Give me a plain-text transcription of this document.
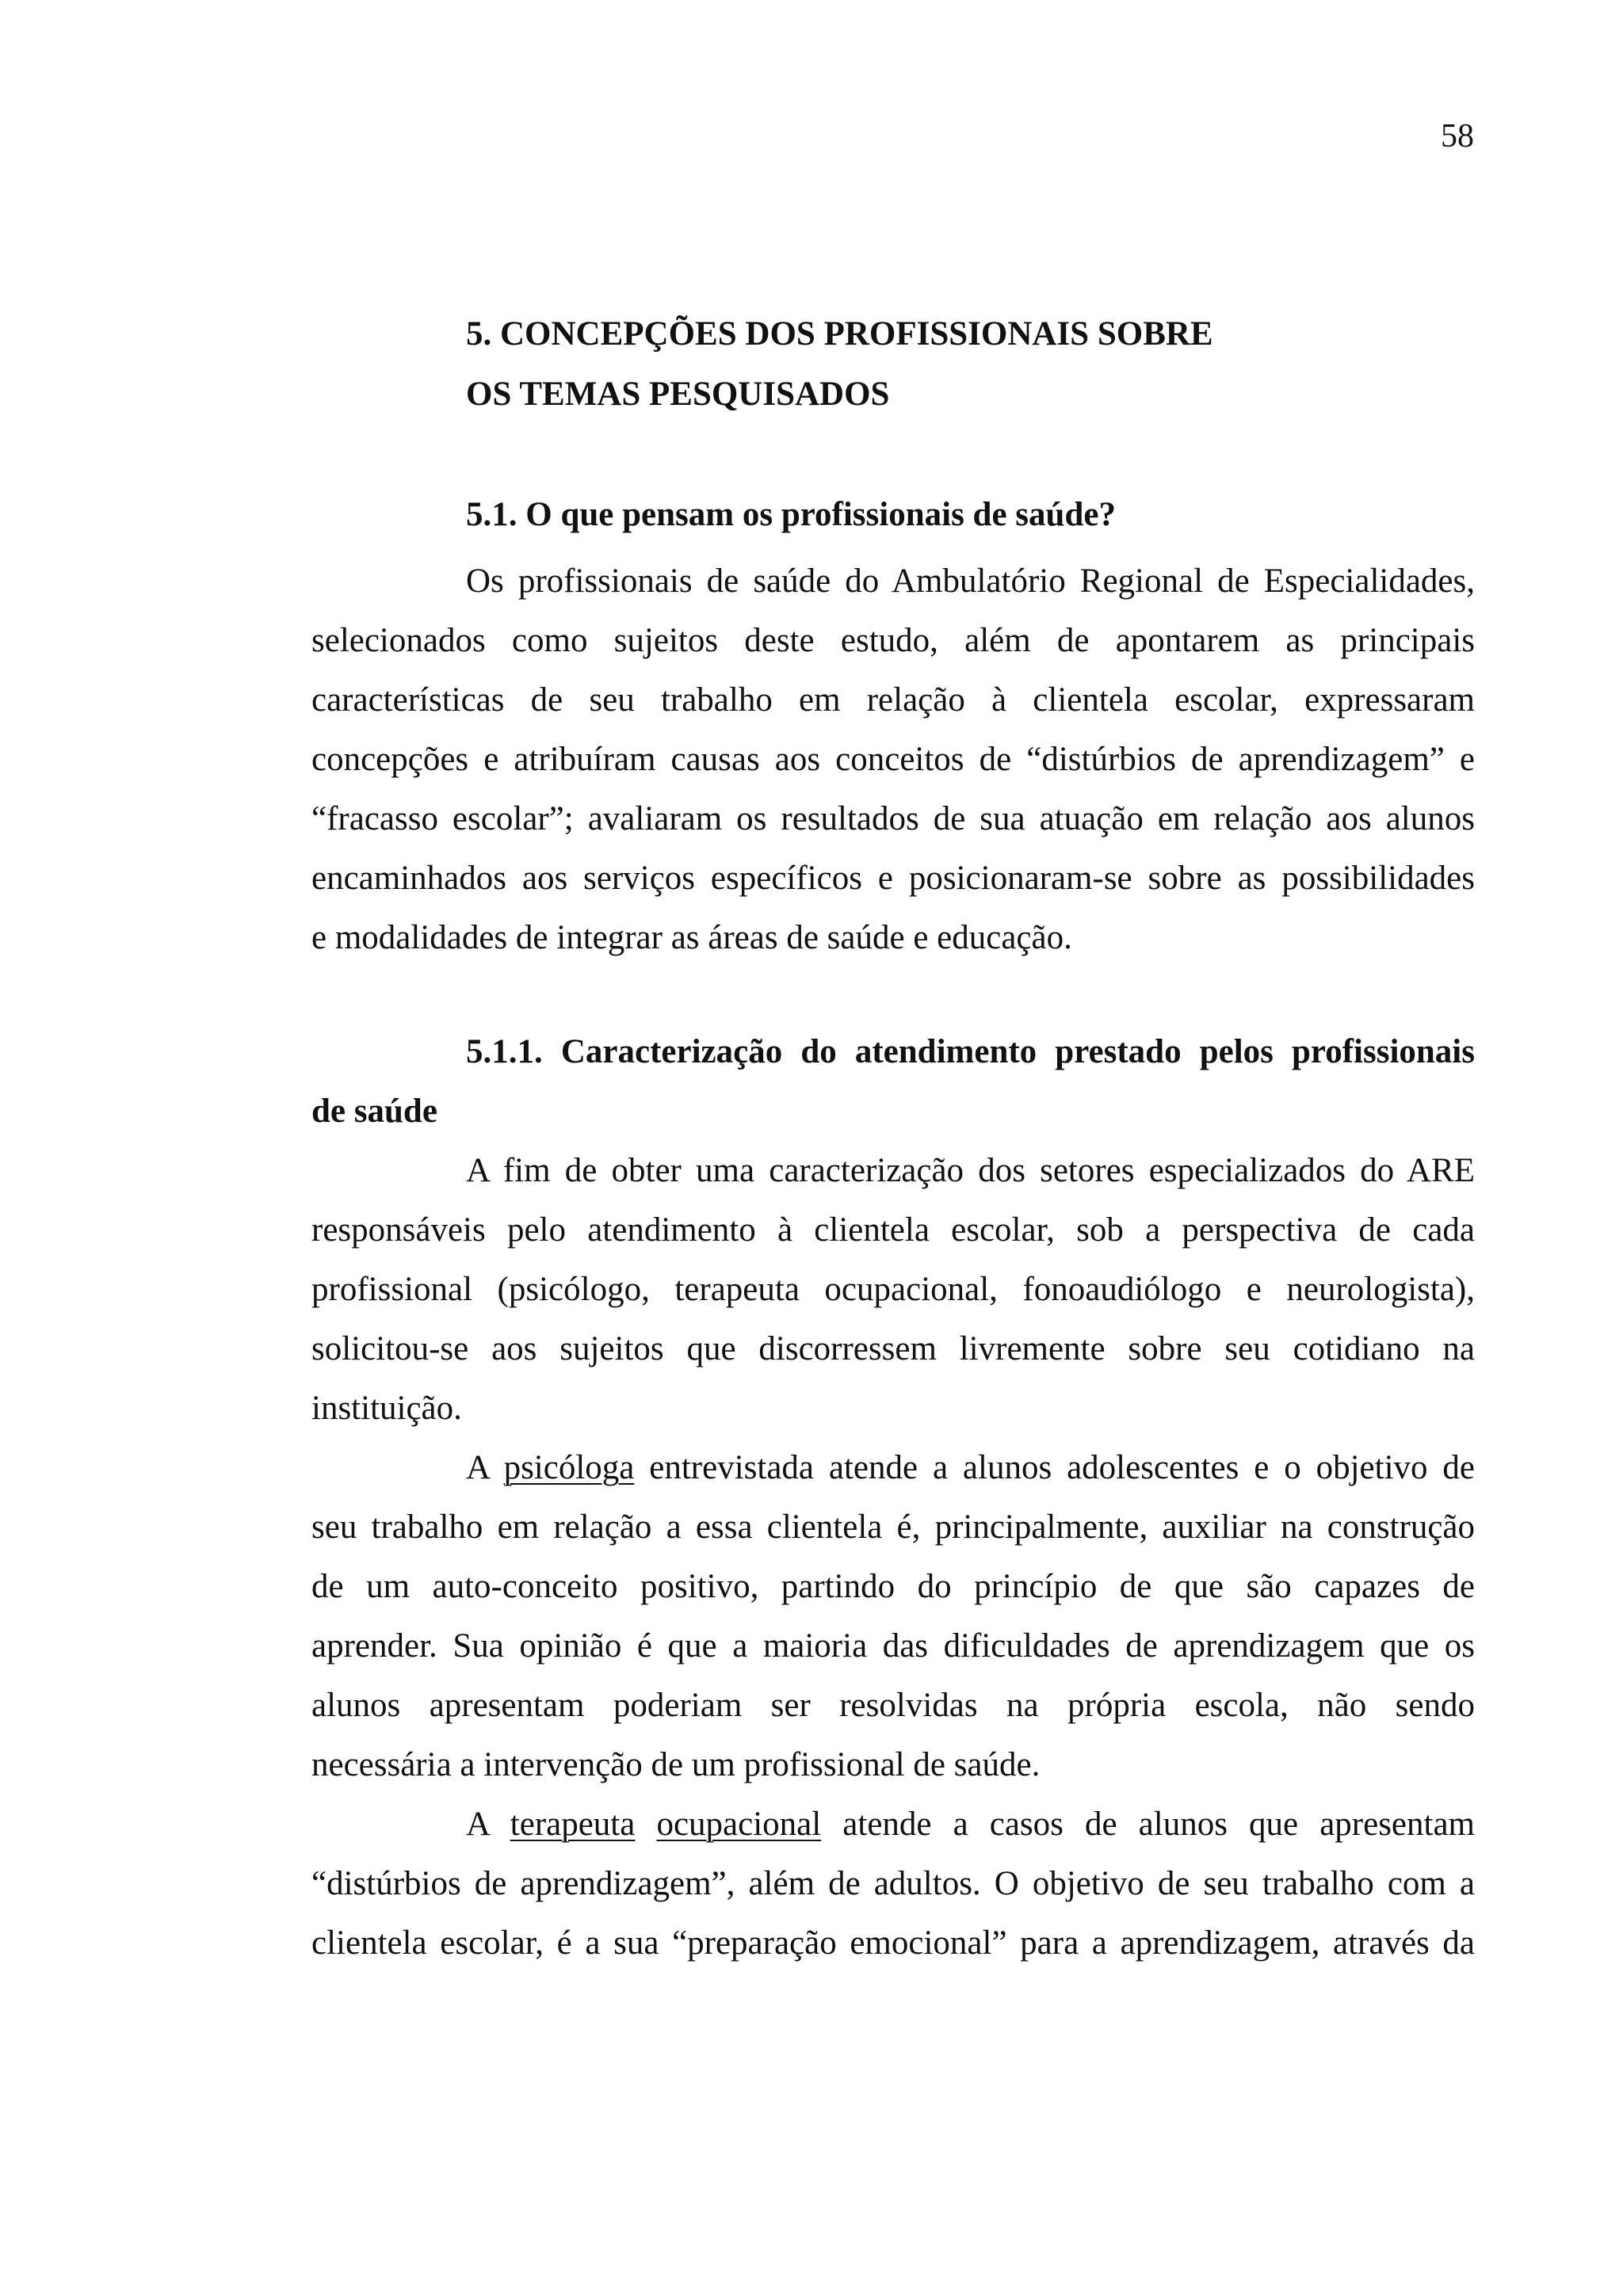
58
5. CONCEPÇÕES DOS PROFISSIONAIS SOBRE
OS TEMAS PESQUISADOS
5.1. O que pensam os profissionais de saúde?
Os profissionais de saúde do Ambulatório Regional de Especialidades,
selecionados como sujeitos deste estudo, além de apontarem as principais
características de seu trabalho em relação à clientela escolar, expressaram
concepções e atribuíram causas aos conceitos de “distúrbios de aprendizagem” e
“fracasso escolar”; avaliaram os resultados de sua atuação em relação aos alunos
encaminhados aos serviços específicos e posicionaram-se sobre as possibilidades
e modalidades de integrar as áreas de saúde e educação.
5.1.1. Caracterização do atendimento prestado pelos profissionais
de saúde
A fim de obter uma caracterização dos setores especializados do ARE
responsáveis pelo atendimento à clientela escolar, sob a perspectiva de cada
profissional (psicólogo, terapeuta ocupacional, fonoaudiólogo e neurologista),
solicitou-se aos sujeitos que discorressem livremente sobre seu cotidiano na
instituição.
A psicóloga entrevistada atende a alunos adolescentes e o objetivo de
seu trabalho em relação a essa clientela é, principalmente, auxiliar na construção
de um auto-conceito positivo, partindo do princípio de que são capazes de
aprender. Sua opinião é que a maioria das dificuldades de aprendizagem que os
alunos apresentam poderiam ser resolvidas na própria escola, não sendo
necessária a intervenção de um profissional de saúde.
A terapeuta ocupacional atende a casos de alunos que apresentam
“distúrbios de aprendizagem”, além de adultos. O objetivo de seu trabalho com a
clientela escolar, é a sua “preparação emocional” para a aprendizagem, através da
